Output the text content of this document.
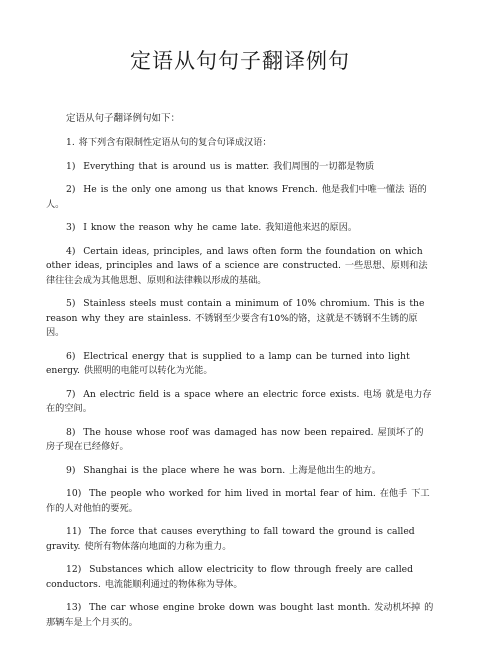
定语从句句子翻译例句
定语从句子翻译例句如下：
1. 将下列含有限制性定语从句的复合句译成汉语：
1) Everything that is around us is matter. 我们周围的一切都是物质
2) He is the only one among us that knows French. 他是我们中唯一懂法 语的人。
3) I know the reason why he came late. 我知道他来迟的原因。
4) Certain ideas, principles, and laws often form the foundation on which other ideas, principles and laws of a science are constructed. 一些思想、原则和法律往往会成为其他思想、原则和法律赖以形成的基础。
5) Stainless steels must contain a minimum of 10% chromium. This is the reason why they are stainless. 不锈钢至少要含有10%的铬，这就是不锈钢不生锈的原因。
6) Electrical energy that is supplied to a lamp can be turned into light energy. 供照明的电能可以转化为光能。
7) An electric field is a space where an electric force exists. 电场 就是电力存在的空间。
8) The house whose roof was damaged has now been repaired. 屋顶坏了的 房子现在已经修好。
9) Shanghai is the place where he was born. 上海是他出生的地方。
10) The people who worked for him lived in mortal fear of him. 在他手 下工作的人对他怕的要死。
11) The force that causes everything to fall toward the ground is called gravity. 使所有物体落向地面的力称为重力。
12) Substances which allow electricity to flow through freely are called conductors. 电流能顺利通过的物体称为导体。
13) The car whose engine broke down was bought last month. 发动机坏掉 的那辆车是上个月买的。
